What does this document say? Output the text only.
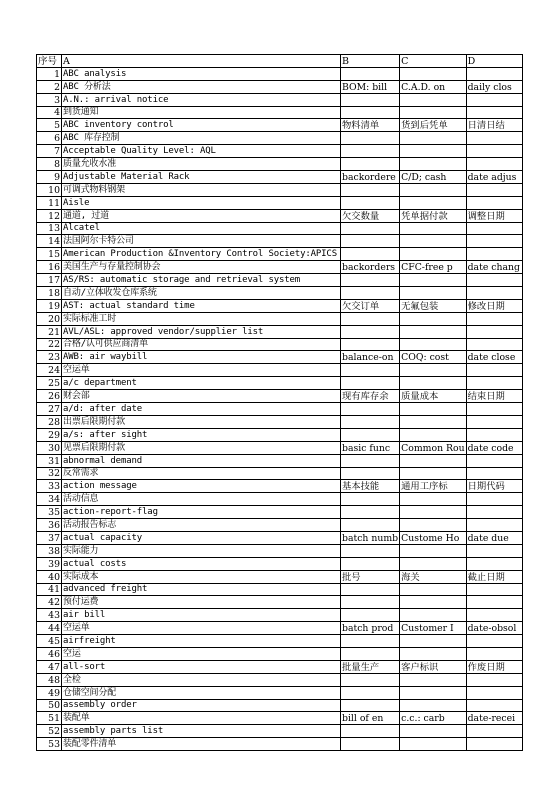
序号	A	B	C	D
1	ABC analysis			
2	ABC 分析法	BOM: bill	C.A.D. on	daily clos
3	A.N.: arrival notice			
4	到货通知			
5	ABC inventory control	物料清单	货到后凭单	日清日结
6	ABC 库存控制			
7	Acceptable Quality Level: AQL			
8	质量允收水准			
9	Adjustable Material Rack	backordere	C/D; cash	date adjus
10	可调式物料钢架			
11	Aisle			
12	通道, 过道	欠交数量	凭单据付款	调整日期
13	Alcatel			
14	法国阿尔卡特公司			
15	American Production &Inventory Control Society:APICS			
16	美国生产与存量控制协会	backorders	CFC-free p	date chang
17	AS/RS: automatic storage and retrieval system			
18	自动/立体收发仓库系统			
19	AST: actual standard time	欠交订单	无氟包装	修改日期
20	实际标准工时			
21	AVL/ASL: approved vendor/supplier list			
22	合格/认可供应商清单			
23	AWB: air waybill	balance-on	COQ: cost	date close
24	空运单			
25	a/c department			
26	财会部	现有库存余	质量成本	结束日期
27	a/d: after date			
28	出票后限期付款			
29	a/s: after sight			
30	见票后限期付款	basic func	Common Rou	date code
31	abnormal demand			
32	反常需求			
33	action message	基本技能	通用工序标	日期代码
34	活动信息			
35	action-report-flag			
36	活动报告标志			
37	actual capacity	batch numb	Custome Ho	date due
38	实际能力			
39	actual costs			
40	实际成本	批号	海关	截止日期
41	advanced freight			
42	预付运费			
43	air bill			
44	空运单	batch prod	Customer I	date-obsol
45	airfreight			
46	空运			
47	all-sort	批量生产	客户标识	作废日期
48	全检			
49	仓储空间分配			
50	assembly order			
51	装配单	bill of en	c.c.: carb	date-recei
52	assembly parts list			
53	装配零件清单			
